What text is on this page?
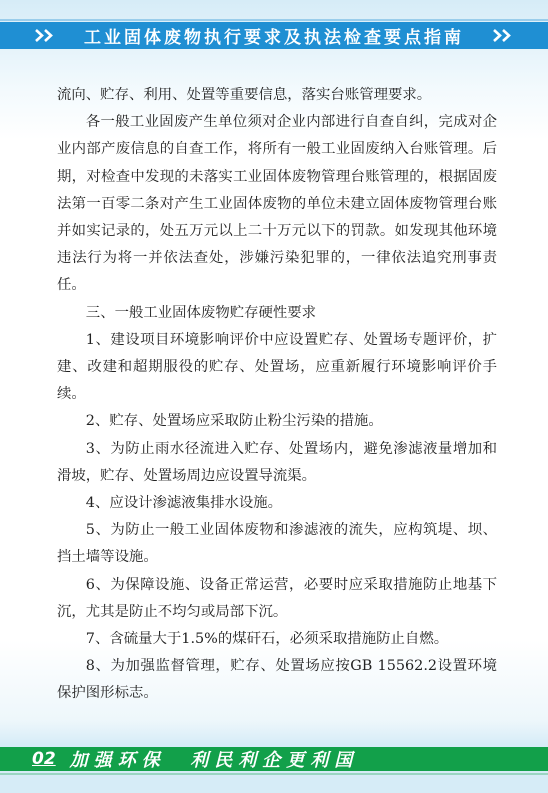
工业固体废物执行要求及执法检查要点指南

流向、贮存、利用、处置等重要信息，落实台账管理要求。

各一般工业固废产生单位须对企业内部进行自查自纠，完成对企业内部产废信息的自查工作，将所有一般工业固废纳入台账管理。后期，对检查中发现的未落实工业固体废物管理台账管理的，根据固废法第一百零二条对产生工业固体废物的单位未建立固体废物管理台账并如实记录的，处五万元以上二十万元以下的罚款。如发现其他环境违法行为将一并依法查处，涉嫌污染犯罪的，一律依法追究刑事责任。

三、一般工业固体废物贮存硬性要求

1、建设项目环境影响评价中应设置贮存、处置场专题评价，扩建、改建和超期服役的贮存、处置场，应重新履行环境影响评价手续。

2、贮存、处置场应采取防止粉尘污染的措施。

3、为防止雨水径流进入贮存、处置场内，避免渗滤液量增加和滑坡，贮存、处置场周边应设置导流渠。

4、应设计渗滤液集排水设施。

5、为防止一般工业固体废物和渗滤液的流失，应构筑堤、坝、挡土墙等设施。

6、为保障设施、设备正常运营，必要时应采取措施防止地基下沉，尤其是防止不均匀或局部下沉。

7、含硫量大于1.5%的煤矸石，必须采取措施防止自燃。

8、为加强监督管理，贮存、处置场应按GB 15562.2设置环境保护图形标志。

02 加强环保  利民利企更利国
